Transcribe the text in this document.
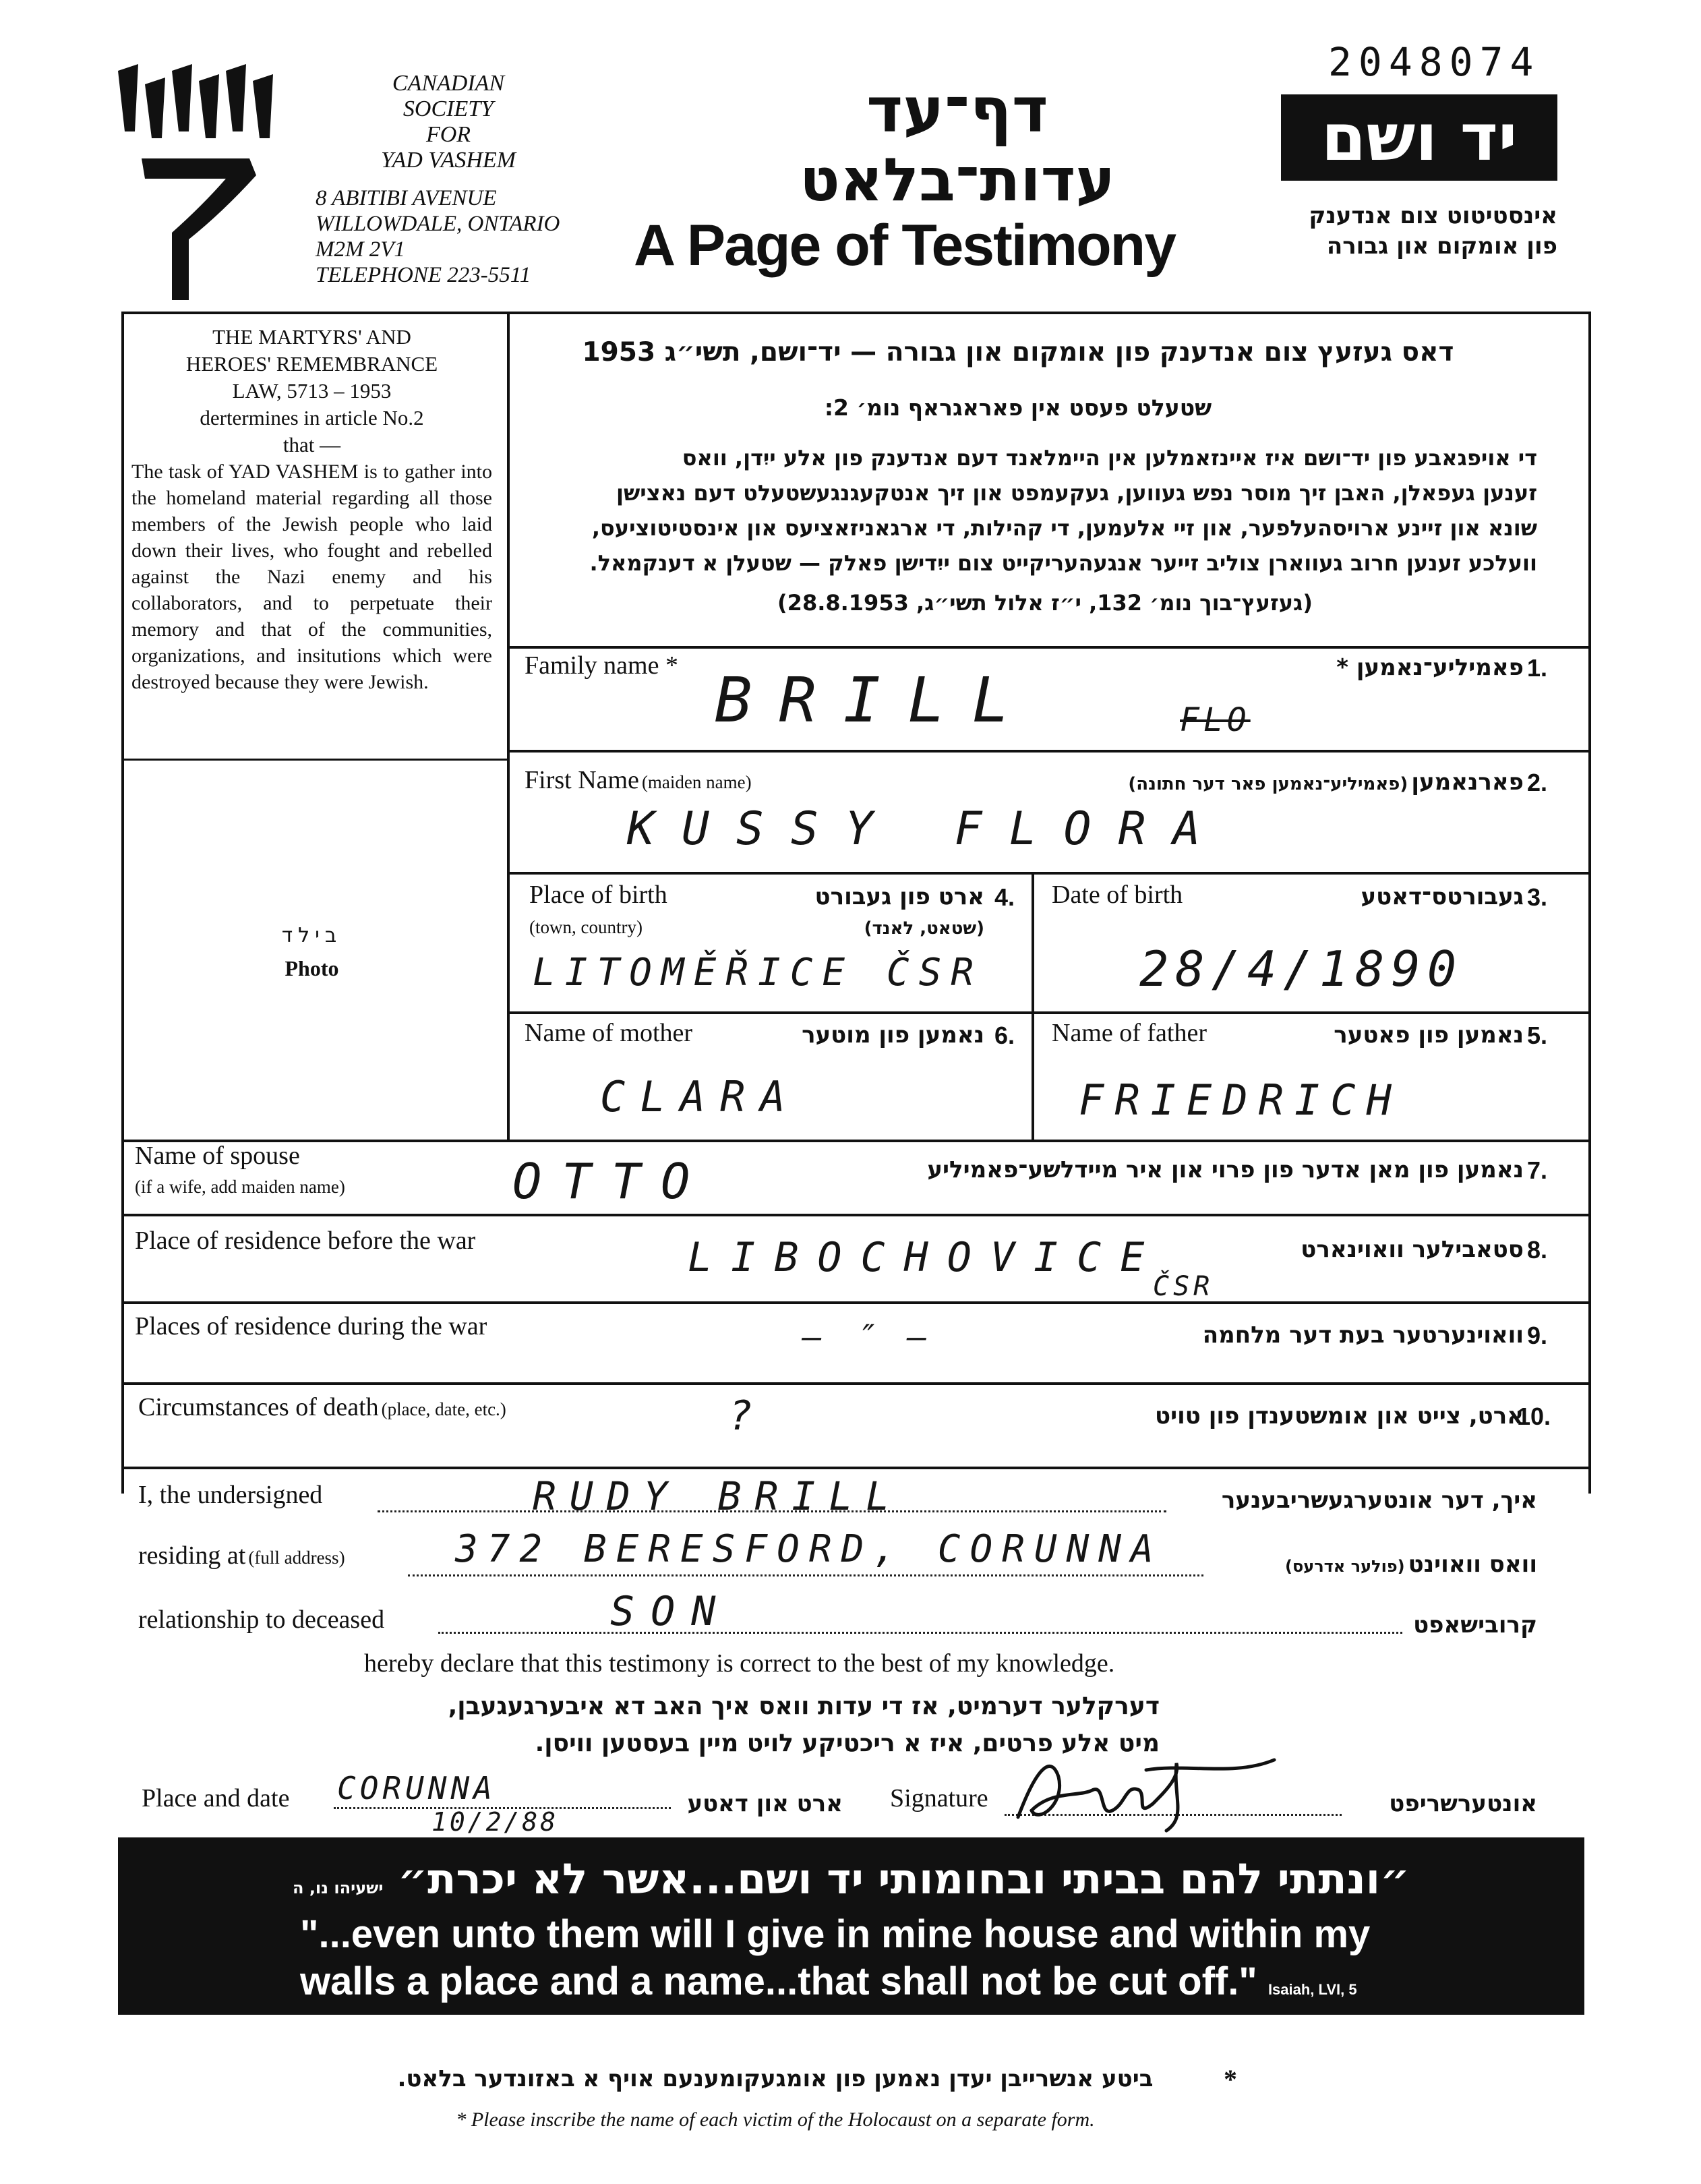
CANADIAN
SOCIETY
FOR
YAD VASHEM
8 ABITIBI AVENUE
WILLOWDALE, ONTARIO
M2M 2V1
TELEPHONE 223-5511
2048074
דף־עד
עדות־בלאט
A Page of Testimony
יד ושם
אינסטיטוט צום אנדענק
פון אומקום און גבורה
THE MARTYRS' AND
HEROES' REMEMBRANCE
LAW, 5713 – 1953
dertermines in article No.2
that —
The task of YAD VASHEM is to gather into the homeland material regarding all those members of the Jewish people who laid down their lives, who fought and rebelled against the Nazi enemy and his collaborators, and to perpetuate their memory and that of the communities, organizations, and insitutions which were destroyed because they were Jewish.
בילד
Photo
דאס געזעץ צום אנדענק פון אומקום און גבורה — יד־ושם, תשי״ג 1953
שטעלט פעסט אין פאראגראף נומ׳ 2:
די אויפגאבע פון יד־ושם איז איינזאמלען אין היימלאנד דעם אנדענק פון אלע ייִדן, וואס
זענען געפאלן, האבן זיך מוסר נפש געווען, געקעמפט און זיך אנטקעגנגעשטעלט דעם נאצישן
שונא און זיינע ארויסהעלפער, און זיי אלעמען, די קהילות, די ארגאניזאציעס און אינסטיטוציעס,
וועלכע זענען חרוב געווארן צוליב זייער אנגעהעריקייט צום ייִדישן פאלק — שטעלן א דענקמאל.
(געזעץ־בוך נומ׳ 132, י״ז אלול תשי״ג, 28.8.1953)
Family name *	פאמיליע־נאמען * 1.
BRILL	FLO
First Name (maiden name)	פארנאמען (פאמיליע־נאמען פאר דער חתונה)	2.
KUSSY FLORA
Place of birth
(town, country)
ארט פון געבורט
(שטאט, לאנד)
4.
LITOMĚŘICE ČSR
Date of birth	געבורטס־דאטע 3.
28/4/1890
Name of mother	נאמען פון מוטער 6.
CLARA
Name of father	נאמען פון פאטער 5.
FRIEDRICH
Name of spouse
(if a wife, add maiden name)
נאמען פון מאן אדער פון פרוי און איר מיידלשע־פאמיליע 7.
OTTO
Place of residence before the war	סטאבילער וואוינארט 8.
LIBOCHOVICE
ČSR
Places of residence during the war	וואוינערטער בעת דער מלחמה 9.
– ″ –
Circumstances of death (place, date, etc.)	ארט, צייט און אומשטענדן פון טויט
10.
?
I, the undersigned	RUDY BRILL	איך, דער אונטערגעשריבענער
residing at (full address)	372 BERESFORD, CORUNNA	וואס וואוינט (פולער אדרעס)
relationship to deceased	SON	קרובישאפט
hereby declare that this testimony is correct to the best of my knowledge.
דערקלער דערמיט, אז די עדות וואס איך האב דא איבערגעגעבן,
מיט אלע פרטים, איז א ריכטיקע לויט מיין בעסטען וויסן.
Place and date CORUNNA
10/2/88
ארט און דאטע Signature	אונטערשריפט
״ונתתי להם בביתי ובחומותי יד ושם...אשר לא יכרת״ ישעיהו נו, ה
"...even unto them will I give in mine house and within my
walls a place and a name...that shall not be cut off." Isaiah, LVI, 5
ביטע אנשרייבן יעדן נאמען פון אומגעקומענעם אויף א באזונדער בלאט.	*
* Please inscribe the name of each victim of the Holocaust on a separate form.
